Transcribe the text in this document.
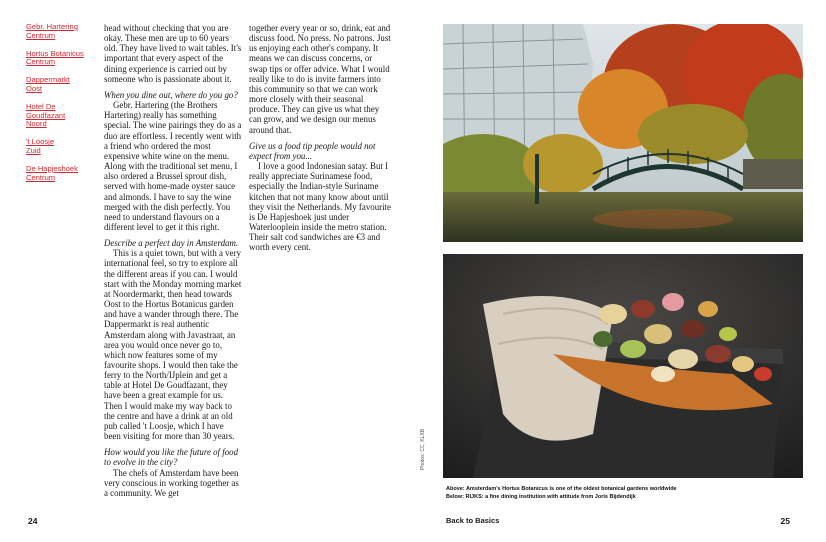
Gebr. Hartering
Centrum
Hortus Botanicus
Centrum
Dappermarkt
Oost
Hotel De Goudfazant
Noord
't Loosje
Zuid
De Hapjeshoek
Centrum

head without checking that you are okay. These men are up to 60 years old. They have lived to wait tables. It's important that every aspect of the dining experience is carried out by someone who is passionate about it.

When you dine out, where do you go?

Gebr. Hartering (the Brothers Hartering) really has something special. The wine pairings they do as a duo are effortless. I recently went with a friend who ordered the most expensive white wine on the menu. Along with the traditional set menu, I also ordered a Brussel sprout dish, served with home-made oyster sauce and almonds. I have to say the wine merged with the dish perfectly. You need to understand flavours on a different level to get it this right.

Describe a perfect day in Amsterdam.

This is a quiet town, but with a very international feel, so try to explore all the different areas if you can. I would start with the Monday morning market at Noordermarkt, then head towards Oost to the Hortus Botanicus garden and have a wander through there. The Dappermarkt is real authentic Amsterdam along with Javastraat, an area you would once never go to, which now features some of my favourite shops. I would then take the ferry to the North/IJplein and get a table at Hotel De Goudfazant, they have been a great example for us. Then I would make my way back to the centre and have a drink at an old pub called 't Loosje, which I have been visiting for more than 30 years.

How would you like the future of food to evolve in the city?

The chefs of Amsterdam have been very conscious in working together as a community. We get

together every year or so, drink, eat and discuss food. No press. No patrons. Just us enjoying each other's company. It means we can discuss concerns, or swap tips or offer advice. What I would really like to do is invite farmers into this community so that we can work more closely with their seasonal produce. They can give us what they can grow, and we design our menus around that.

Give us a food tip people would not expect from you...

I love a good Indonesian satay. But I really appreciate Surinamese food, especially the Indian-style Suriname kitchen that not many know about until they visit the Netherlands. My favourite is De Hapjeshoek just under Waterlooplein inside the metro station. Their salt cod sandwiches are €3 and worth every cent.

24
Photos: CC, KLXB
Above: Amsterdam's Hortus Botanicus is one of the oldest botanical gardens worldwide
Below: RIJKS: a fine dining institution with attitude from Joris Bijdendijk
Back to Basics	25
